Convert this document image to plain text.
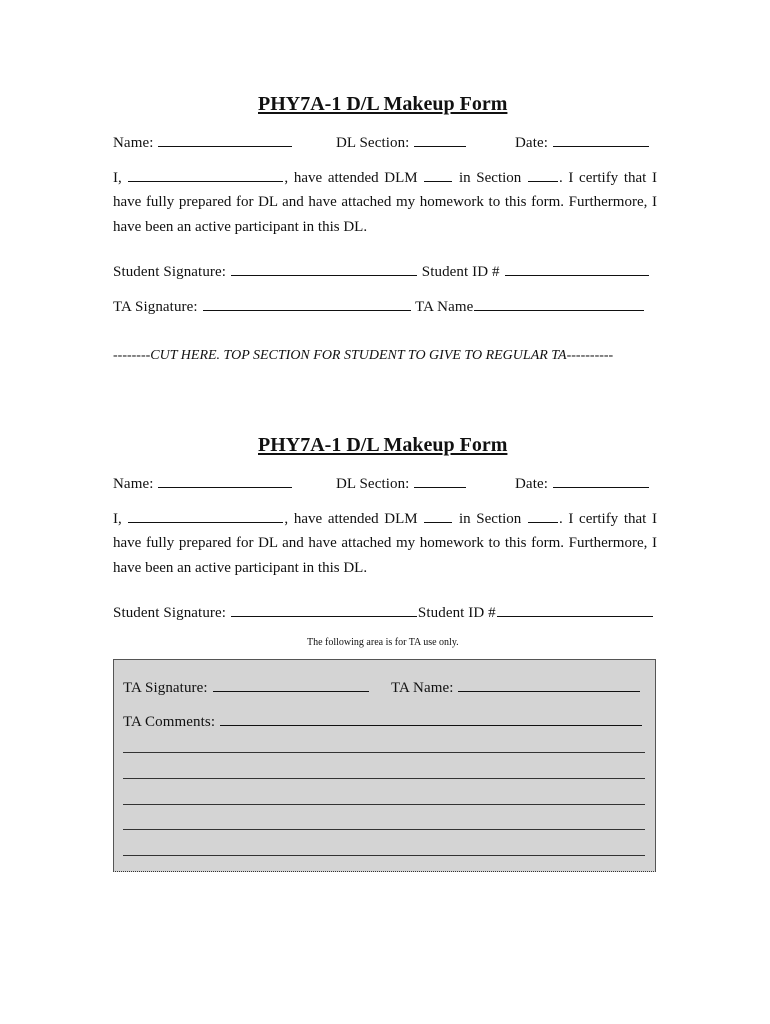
PHY7A-1 D/L Makeup Form
Name:	DL Section:	Date:
I,	, have attended DLM	in Section	. I certify that I
have fully prepared for DL and have attached my homework to this form. Furthermore, I
have been an active participant in this DL.
Student Signature:	Student ID #
TA Signature:	TA Name
--------CUT HERE. TOP SECTION FOR STUDENT TO GIVE TO REGULAR TA----------
PHY7A-1 D/L Makeup Form
Name:	DL Section:	Date:
I,	, have attended DLM	in Section	. I certify that I
have fully prepared for DL and have attached my homework to this form. Furthermore, I
have been an active participant in this DL.
Student Signature:	Student ID #
The following area is for TA use only.
TA Signature:	TA Name:
TA Comments:
